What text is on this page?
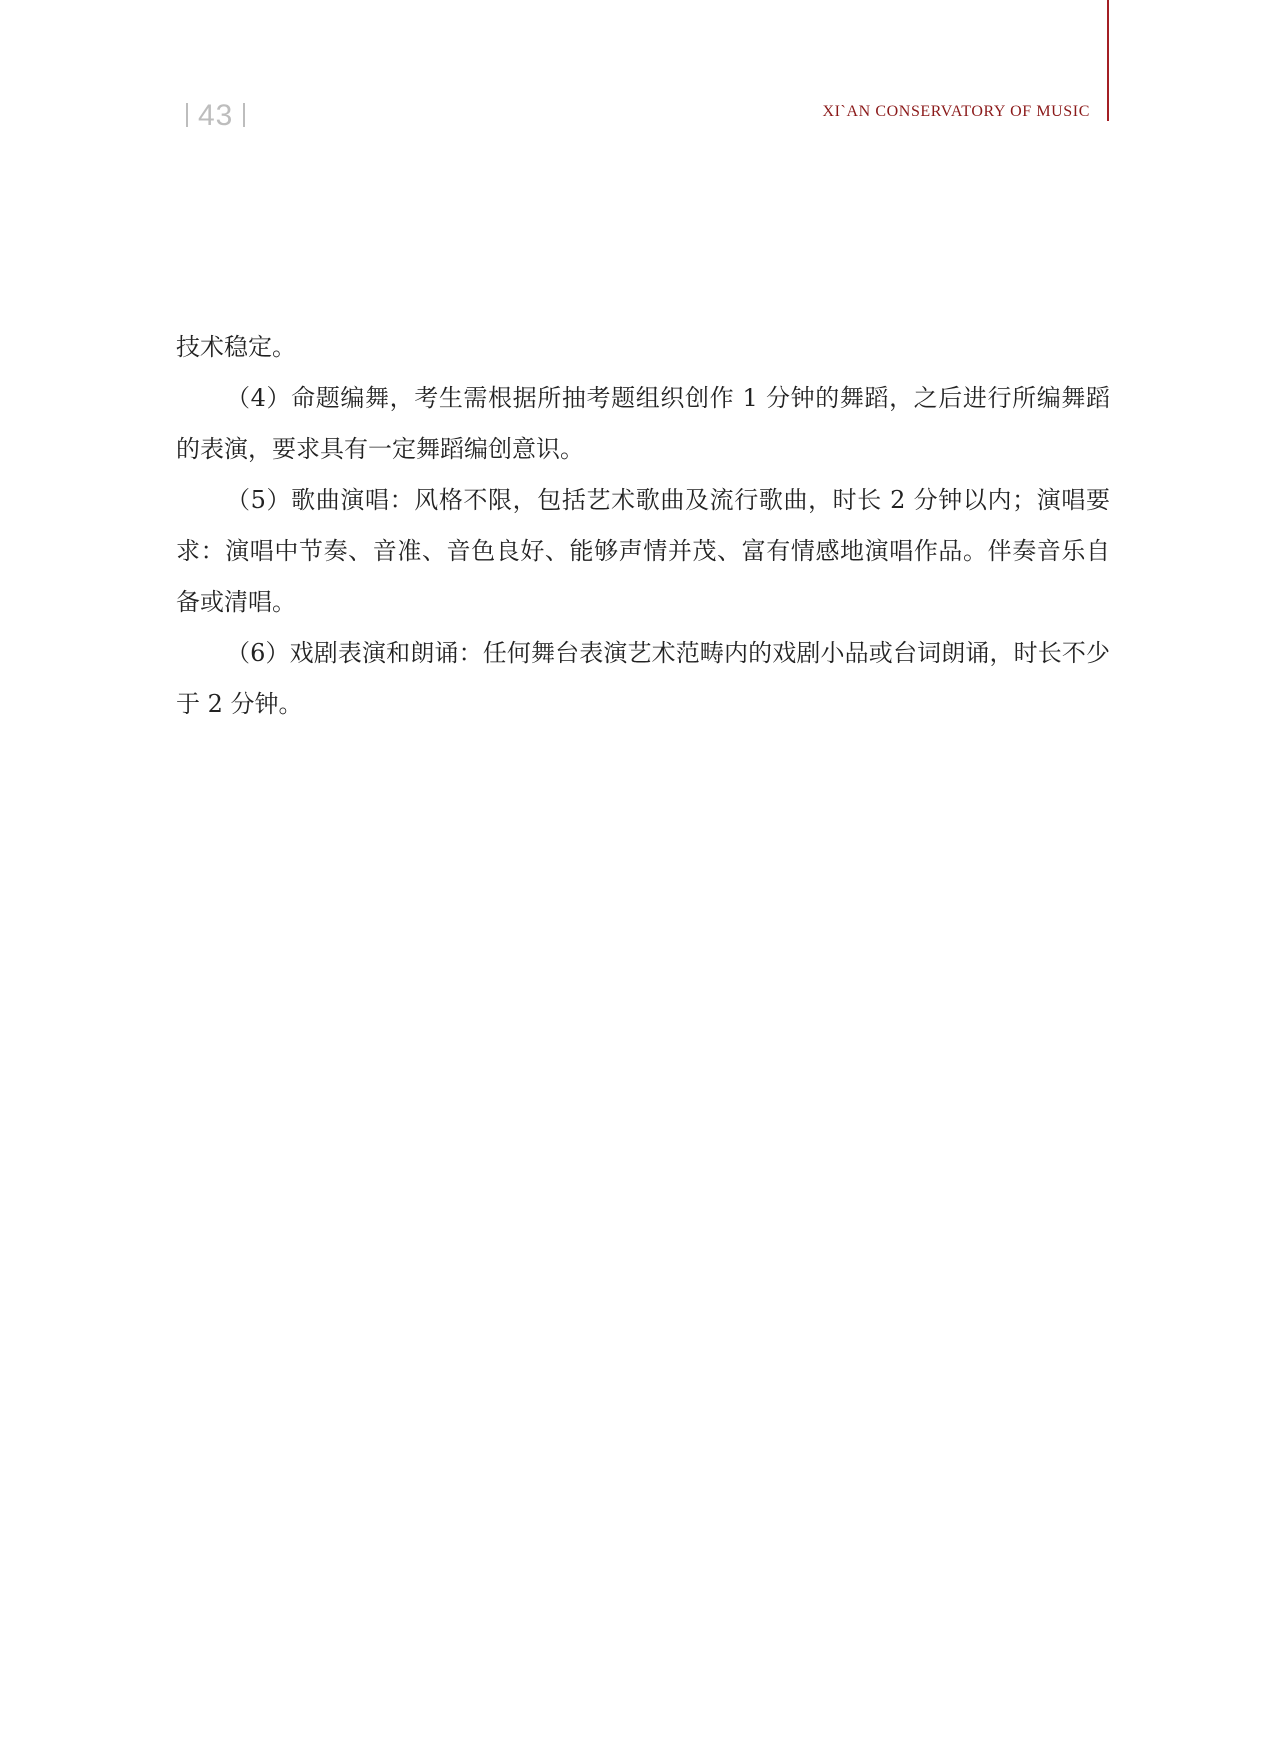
43	XI`AN CONSERVATORY OF MUSIC

技术稳定。

（4）命题编舞，考生需根据所抽考题组织创作 1 分钟的舞蹈，之后进行所编舞蹈的表演，要求具有一定舞蹈编创意识。

（5）歌曲演唱：风格不限，包括艺术歌曲及流行歌曲，时长 2 分钟以内；演唱要求：演唱中节奏、音准、音色良好、能够声情并茂、富有情感地演唱作品。伴奏音乐自备或清唱。

（6）戏剧表演和朗诵：任何舞台表演艺术范畴内的戏剧小品或台词朗诵，时长不少于 2 分钟。
